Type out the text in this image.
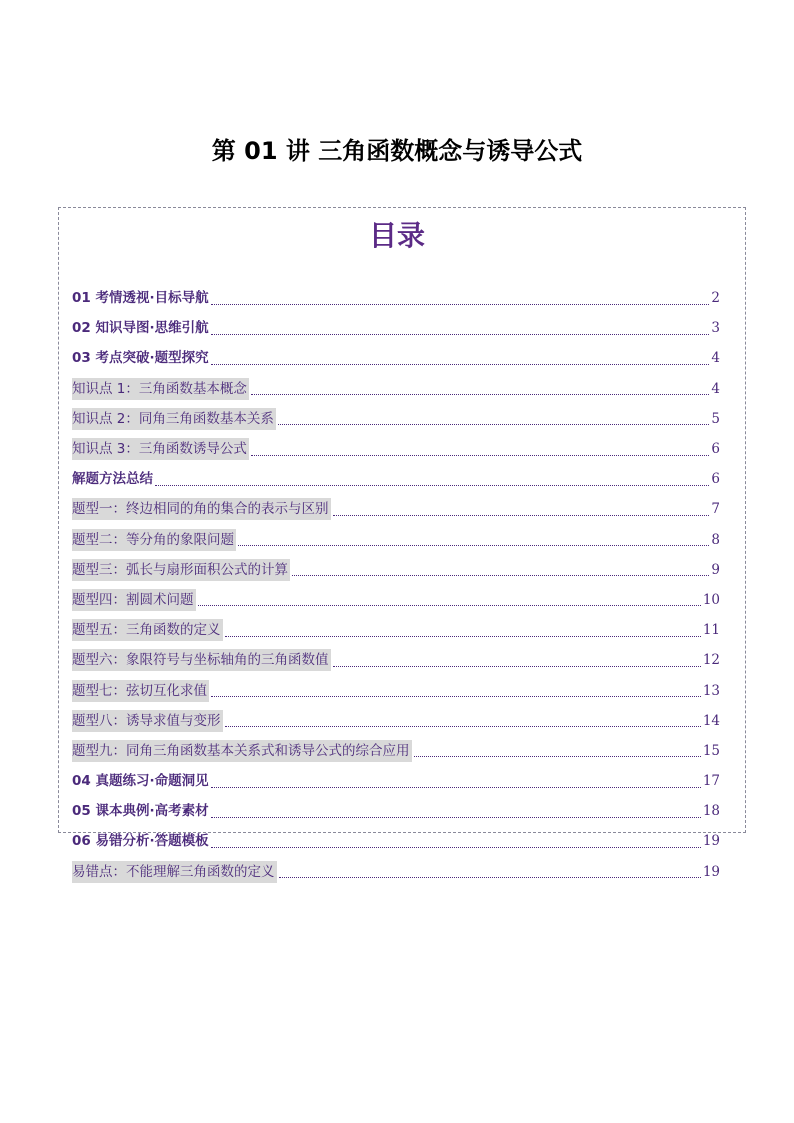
第 01 讲 三角函数概念与诱导公式
目录
01 考情透视·目标导航	2
02 知识导图·思维引航	3
03 考点突破·题型探究	4
知识点 1：三角函数基本概念	4
知识点 2：同角三角函数基本关系	5
知识点 3：三角函数诱导公式	6
解题方法总结	6
题型一：终边相同的角的集合的表示与区别	7
题型二：等分角的象限问题	8
题型三：弧长与扇形面积公式的计算	9
题型四：割圆术问题	10
题型五：三角函数的定义	11
题型六：象限符号与坐标轴角的三角函数值	12
题型七：弦切互化求值	13
题型八：诱导求值与变形	14
题型九：同角三角函数基本关系式和诱导公式的综合应用	15
04 真题练习·命题洞见	17
05 课本典例·高考素材	18
06 易错分析·答题模板	19
易错点：不能理解三角函数的定义	19
